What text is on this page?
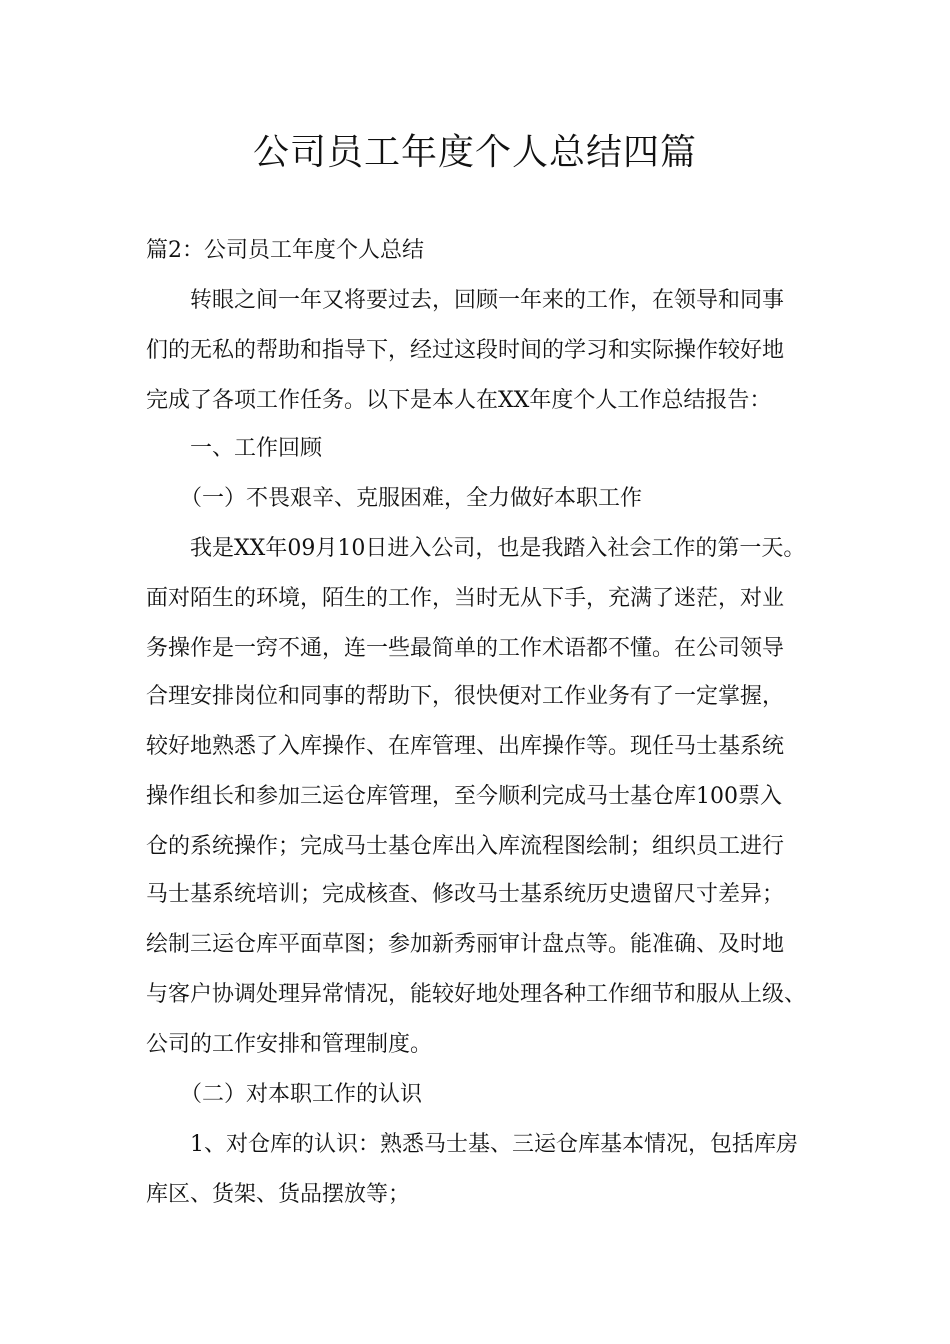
公司员工年度个人总结四篇
篇2：公司员工年度个人总结
转眼之间一年又将要过去，回顾一年来的工作，在领导和同事
们的无私的帮助和指导下，经过这段时间的学习和实际操作较好地
完成了各项工作任务。以下是本人在XX年度个人工作总结报告：
一、工作回顾
（一）不畏艰辛、克服困难，全力做好本职工作
我是XX年09月10日进入公司，也是我踏入社会工作的第一天。
面对陌生的环境，陌生的工作，当时无从下手，充满了迷茫，对业
务操作是一窍不通，连一些最简单的工作术语都不懂。在公司领导
合理安排岗位和同事的帮助下，很快便对工作业务有了一定掌握，
较好地熟悉了入库操作、在库管理、出库操作等。现任马士基系统
操作组长和参加三运仓库管理，至今顺利完成马士基仓库100票入
仓的系统操作；完成马士基仓库出入库流程图绘制；组织员工进行
马士基系统培训；完成核查、修改马士基系统历史遗留尺寸差异；
绘制三运仓库平面草图；参加新秀丽审计盘点等。能准确、及时地
与客户协调处理异常情况，能较好地处理各种工作细节和服从上级、
公司的工作安排和管理制度。
（二）对本职工作的认识
1、对仓库的认识：熟悉马士基、三运仓库基本情况，包括库房
库区、货架、货品摆放等；
